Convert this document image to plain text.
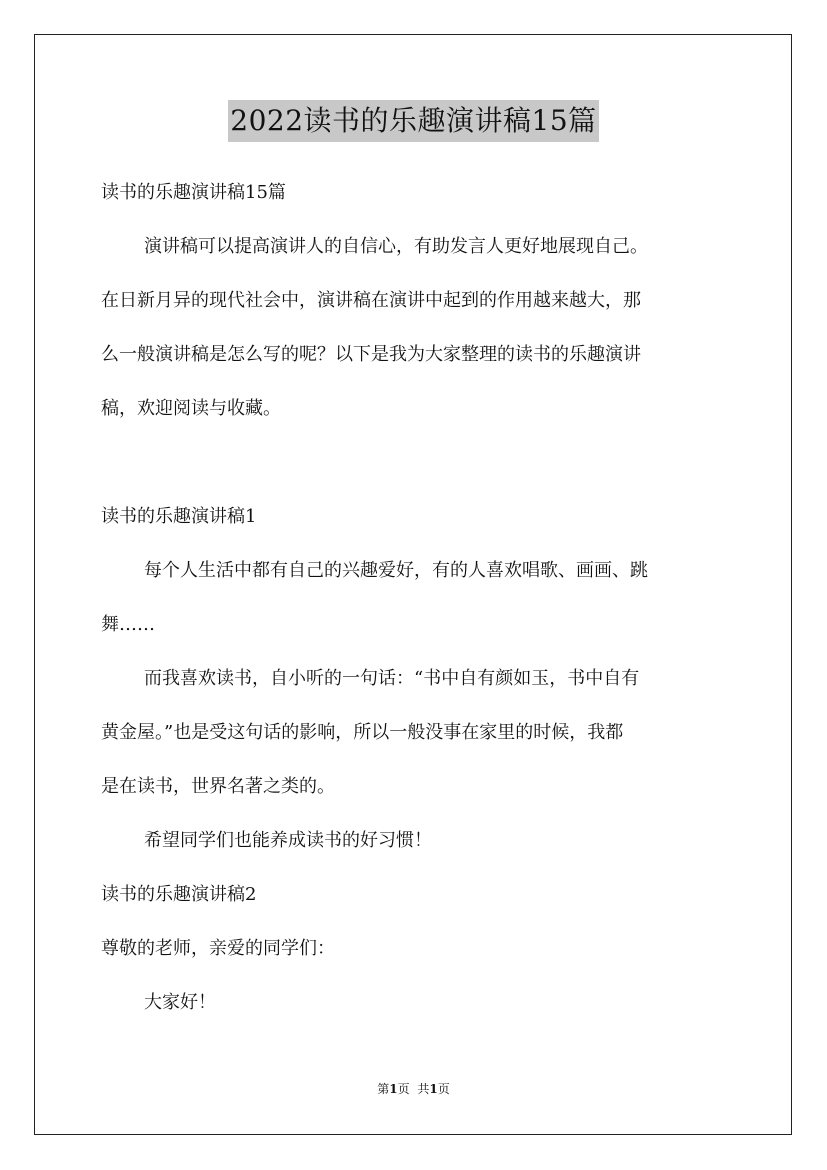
2022读书的乐趣演讲稿15篇
读书的乐趣演讲稿15篇
演讲稿可以提高演讲人的自信心，有助发言人更好地展现自己。
在日新月异的现代社会中，演讲稿在演讲中起到的作用越来越大，那
么一般演讲稿是怎么写的呢？以下是我为大家整理的读书的乐趣演讲
稿，欢迎阅读与收藏。
读书的乐趣演讲稿1
每个人生活中都有自己的兴趣爱好，有的人喜欢唱歌、画画、跳
舞……
而我喜欢读书，自小听的一句话：“书中自有颜如玉，书中自有
黄金屋。”也是受这句话的影响，所以一般没事在家里的时候，我都
是在读书，世界名著之类的。
希望同学们也能养成读书的好习惯！
读书的乐趣演讲稿2
尊敬的老师，亲爱的同学们：
大家好！
第1页 共1页
